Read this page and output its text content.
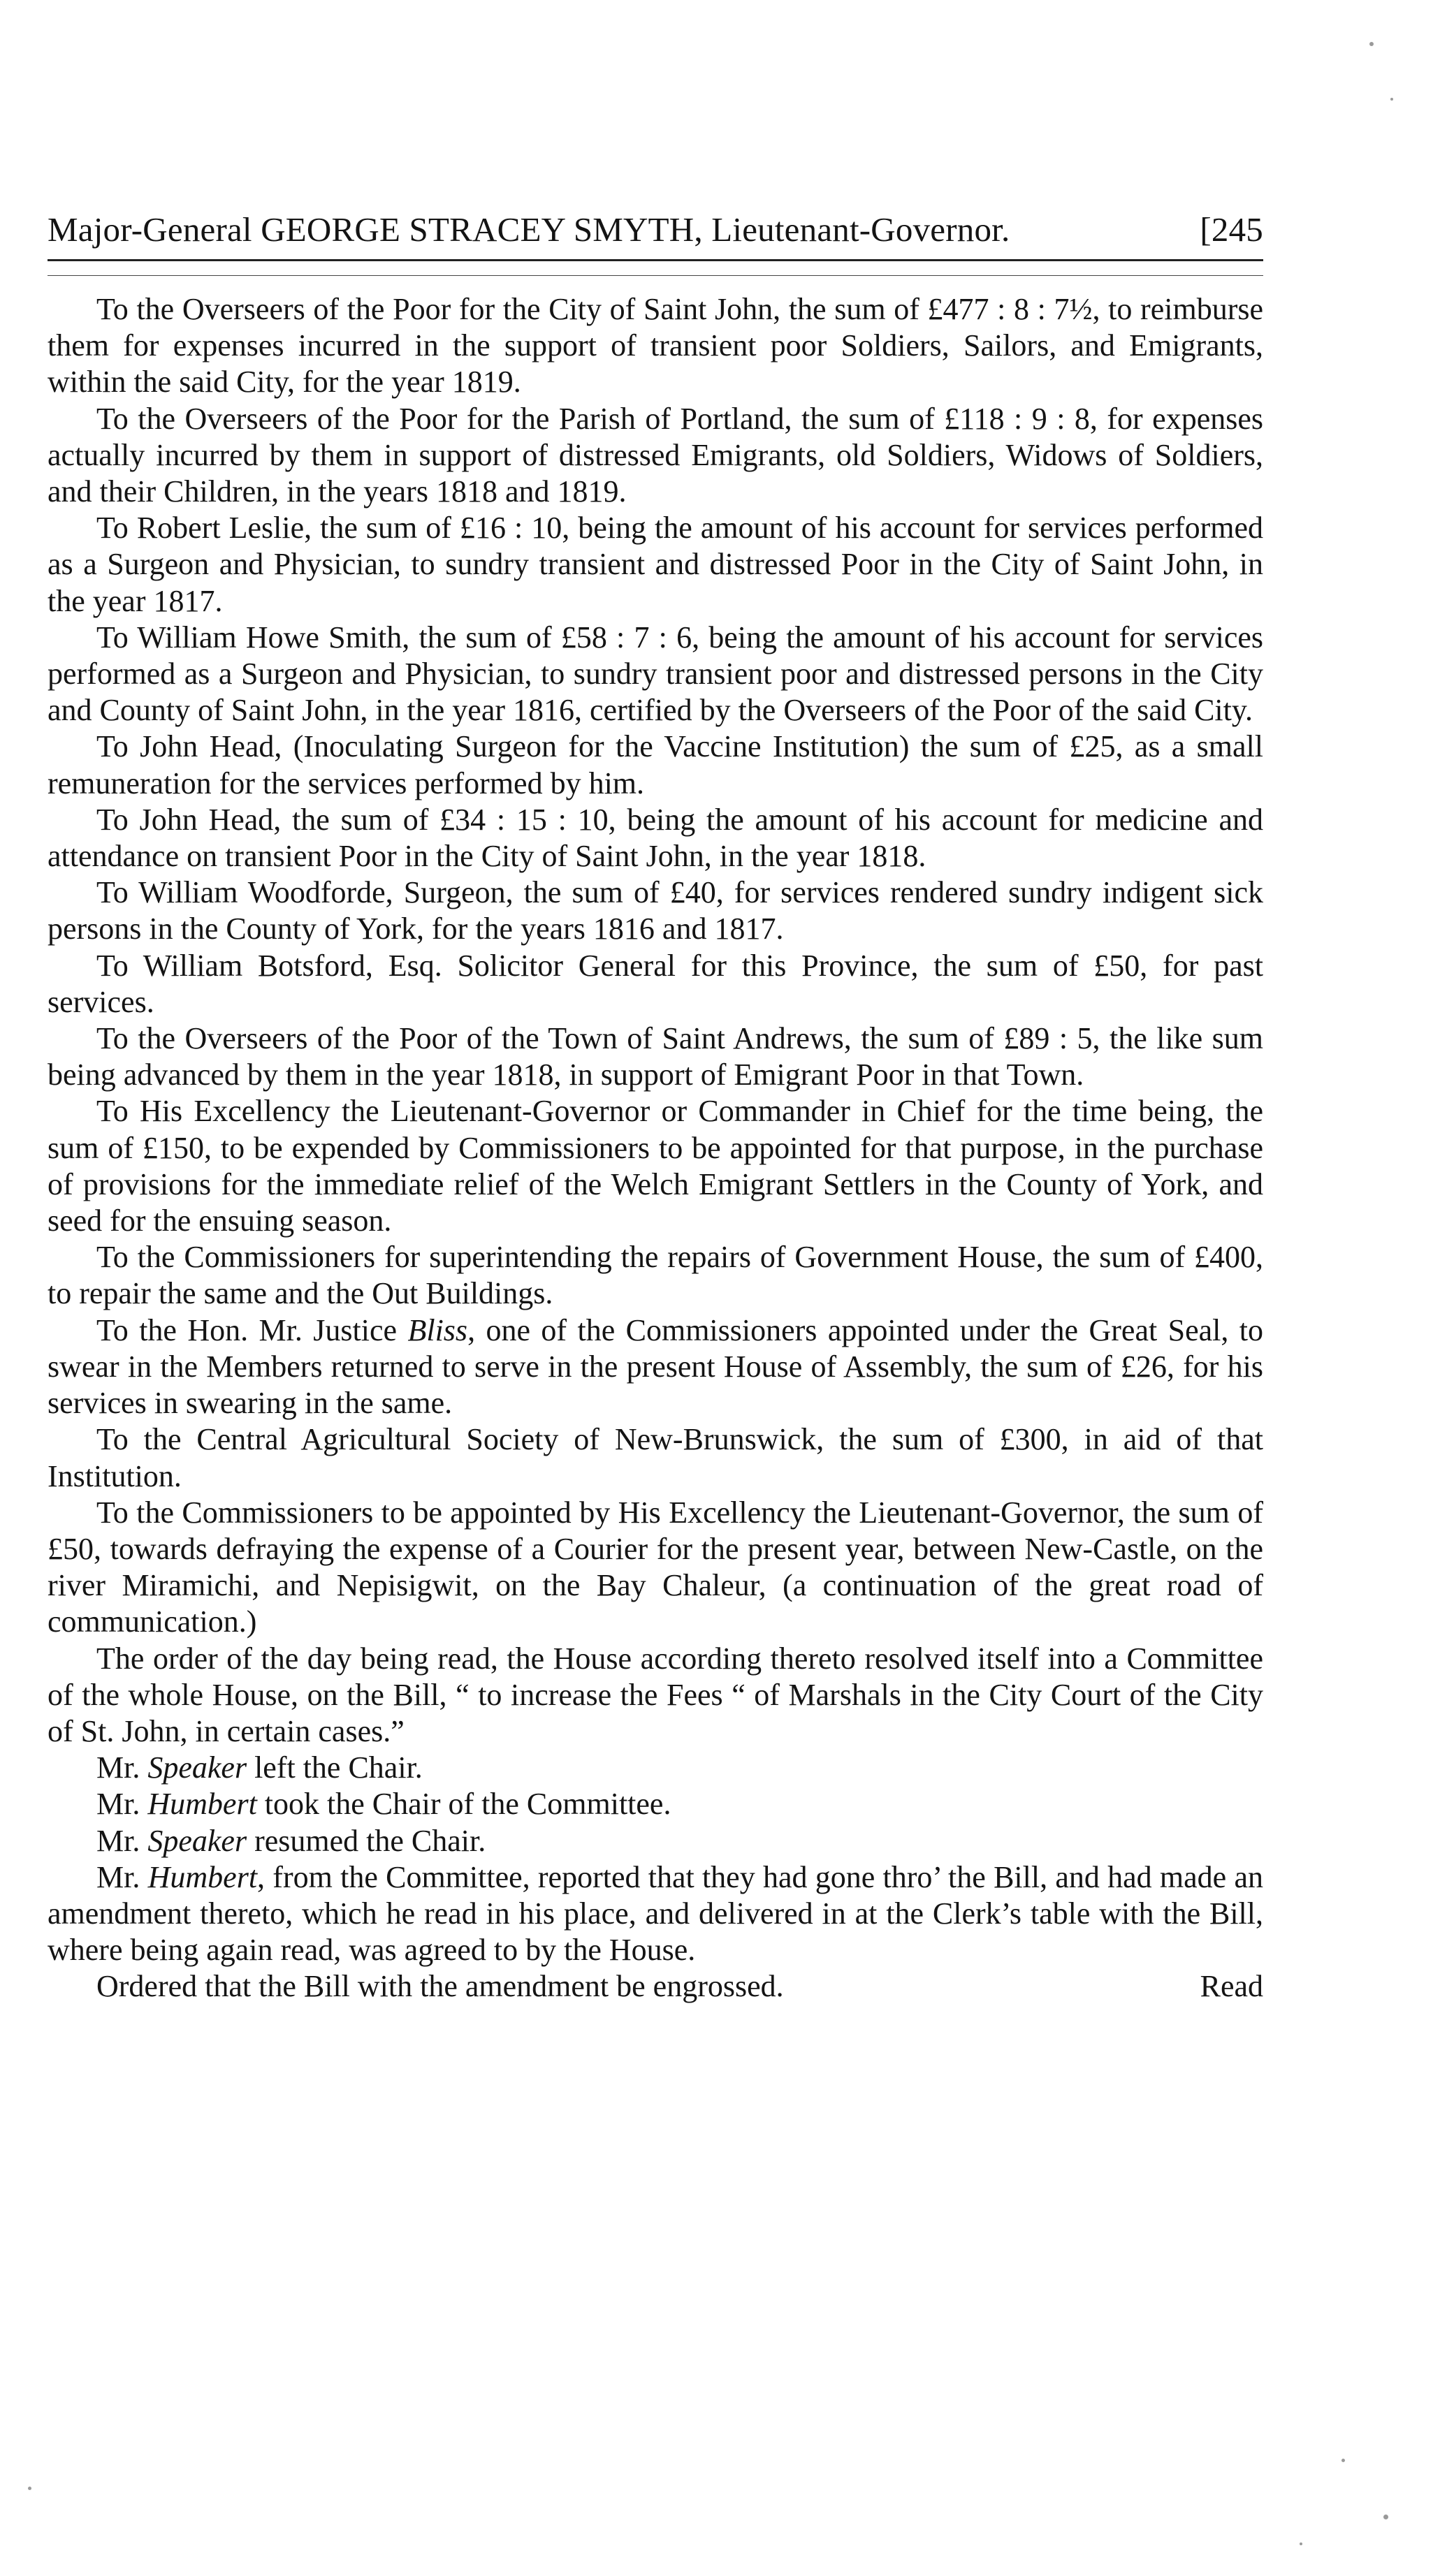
Major-General GEORGE STRACEY SMYTH, Lieutenant-Governor.	[245

To the Overseers of the Poor for the City of Saint John, the sum of £477 : 8 : 7½, to reimburse them for expenses incurred in the support of transient poor Soldiers, Sailors, and Emigrants, within the said City, for the year 1819.

To the Overseers of the Poor for the Parish of Portland, the sum of £118 : 9 : 8, for expenses actually incurred by them in support of distressed Emigrants, old Soldiers, Widows of Soldiers, and their Children, in the years 1818 and 1819.

To Robert Leslie, the sum of £16 : 10, being the amount of his account for services performed as a Surgeon and Physician, to sundry transient and distressed Poor in the City of Saint John, in the year 1817.

To William Howe Smith, the sum of £58 : 7 : 6, being the amount of his account for services performed as a Surgeon and Physician, to sundry transient poor and distressed persons in the City and County of Saint John, in the year 1816, certified by the Overseers of the Poor of the said City.

To John Head, (Inoculating Surgeon for the Vaccine Institution) the sum of £25, as a small remuneration for the services performed by him.

To John Head, the sum of £34 : 15 : 10, being the amount of his account for medicine and attendance on transient Poor in the City of Saint John, in the year 1818.

To William Woodforde, Surgeon, the sum of £40, for services rendered sundry indigent sick persons in the County of York, for the years 1816 and 1817.

To William Botsford, Esq. Solicitor General for this Province, the sum of £50, for past services.

To the Overseers of the Poor of the Town of Saint Andrews, the sum of £89 : 5, the like sum being advanced by them in the year 1818, in support of Emigrant Poor in that Town.

To His Excellency the Lieutenant-Governor or Commander in Chief for the time being, the sum of £150, to be expended by Commissioners to be appointed for that purpose, in the purchase of provisions for the immediate relief of the Welch Emigrant Settlers in the County of York, and seed for the ensuing season.

To the Commissioners for superintending the repairs of Government House, the sum of £400, to repair the same and the Out Buildings.

To the Hon. Mr. Justice Bliss, one of the Commissioners appointed under the Great Seal, to swear in the Members returned to serve in the present House of Assembly, the sum of £26, for his services in swearing in the same.

To the Central Agricultural Society of New-Brunswick, the sum of £300, in aid of that Institution.

To the Commissioners to be appointed by His Excellency the Lieutenant-Governor, the sum of £50, towards defraying the expense of a Courier for the present year, between New-Castle, on the river Miramichi, and Nepisigwit, on the Bay Chaleur, (a continuation of the great road of communication.)

The order of the day being read, the House according thereto resolved itself into a Committee of the whole House, on the Bill, “ to increase the Fees “ of Marshals in the City Court of the City of St. John, in certain cases.”

Mr. Speaker left the Chair.

Mr. Humbert took the Chair of the Committee.

Mr. Speaker resumed the Chair.

Mr. Humbert, from the Committee, reported that they had gone thro’ the Bill, and had made an amendment thereto, which he read in his place, and delivered in at the Clerk’s table with the Bill, where being again read, was agreed to by the House.

Ordered that the Bill with the amendment be engrossed.	Read
